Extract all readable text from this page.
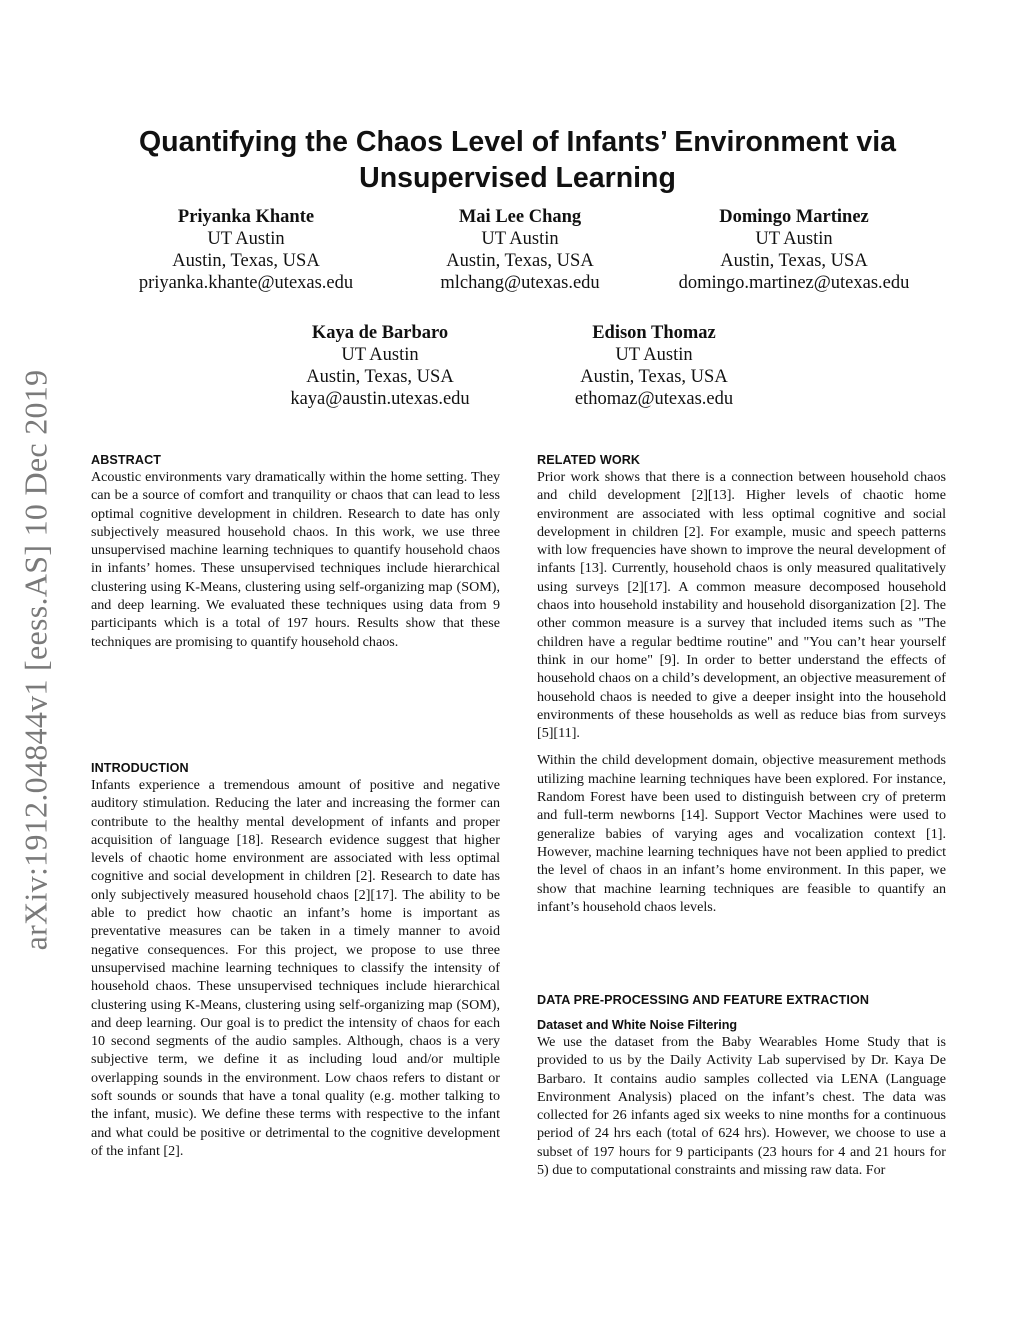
arXiv:1912.04844v1 [eess.AS] 10 Dec 2019
Quantifying the Chaos Level of Infants’ Environment via Unsupervised Learning
Priyanka Khante
UT Austin
Austin, Texas, USA
priyanka.khante@utexas.edu
Mai Lee Chang
UT Austin
Austin, Texas, USA
mlchang@utexas.edu
Domingo Martinez
UT Austin
Austin, Texas, USA
domingo.martinez@utexas.edu
Kaya de Barbaro
UT Austin
Austin, Texas, USA
kaya@austin.utexas.edu
Edison Thomaz
UT Austin
Austin, Texas, USA
ethomaz@utexas.edu
ABSTRACT

Acoustic environments vary dramatically within the home setting. They can be a source of comfort and tranquility or chaos that can lead to less optimal cognitive development in children. Research to date has only subjectively measured household chaos. In this work, we use three unsupervised machine learning techniques to quantify household chaos in infants’ homes. These unsupervised techniques include hierarchical clustering using K-Means, clustering using self-organizing map (SOM), and deep learning. We evaluated these techniques using data from 9 participants which is a total of 197 hours. Results show that these techniques are promising to quantify household chaos.

INTRODUCTION

Infants experience a tremendous amount of positive and negative auditory stimulation. Reducing the later and increasing the former can contribute to the healthy mental development of infants and proper acquisition of language [18]. Research evidence suggest that higher levels of chaotic home environment are associated with less optimal cognitive and social development in children [2]. Research to date has only subjectively measured household chaos [2][17]. The ability to be able to predict how chaotic an infant’s home is important as preventative measures can be taken in a timely manner to avoid negative consequences. For this project, we propose to use three unsupervised machine learning techniques to classify the intensity of household chaos. These unsupervised techniques include hierarchical clustering using K-Means, clustering using self-organizing map (SOM), and deep learning. Our goal is to predict the intensity of chaos for each 10 second segments of the audio samples. Although, chaos is a very subjective term, we define it as including loud and/or multiple overlapping sounds in the environment. Low chaos refers to distant or soft sounds or sounds that have a tonal quality (e.g. mother talking to the infant, music). We define these terms with respective to the infant and what could be positive or detrimental to the cognitive development of the infant [2].

RELATED WORK

Prior work shows that there is a connection between household chaos and child development [2][13]. Higher levels of chaotic home environment are associated with less optimal cognitive and social development in children [2]. For example, music and speech patterns with low frequencies have shown to improve the neural development of infants [13]. Currently, household chaos is only measured qualitatively using surveys [2][17]. A common measure decomposed household chaos into household instability and household disorganization [2]. The other common measure is a survey that included items such as "The children have a regular bedtime routine" and "You can’t hear yourself think in our home" [9]. In order to better understand the effects of household chaos on a child’s development, an objective measurement of household chaos is needed to give a deeper insight into the household environments of these households as well as reduce bias from surveys [5][11].

Within the child development domain, objective measurement methods utilizing machine learning techniques have been explored. For instance, Random Forest have been used to distinguish between cry of preterm and full-term newborns [14]. Support Vector Machines were used to generalize babies of varying ages and vocalization context [1]. However, machine learning techniques have not been applied to predict the level of chaos in an infant’s home environment. In this paper, we show that machine learning techniques are feasible to quantify an infant’s household chaos levels.

DATA PRE-PROCESSING AND FEATURE EXTRACTION
Dataset and White Noise Filtering

We use the dataset from the Baby Wearables Home Study that is provided to us by the Daily Activity Lab supervised by Dr. Kaya De Barbaro. It contains audio samples collected via LENA (Language Environment Analysis) placed on the infant’s chest. The data was collected for 26 infants aged six weeks to nine months for a continuous period of 24 hrs each (total of 624 hrs). However, we choose to use a subset of 197 hours for 9 participants (23 hours for 4 and 21 hours for 5) due to computational constraints and missing raw data. For
